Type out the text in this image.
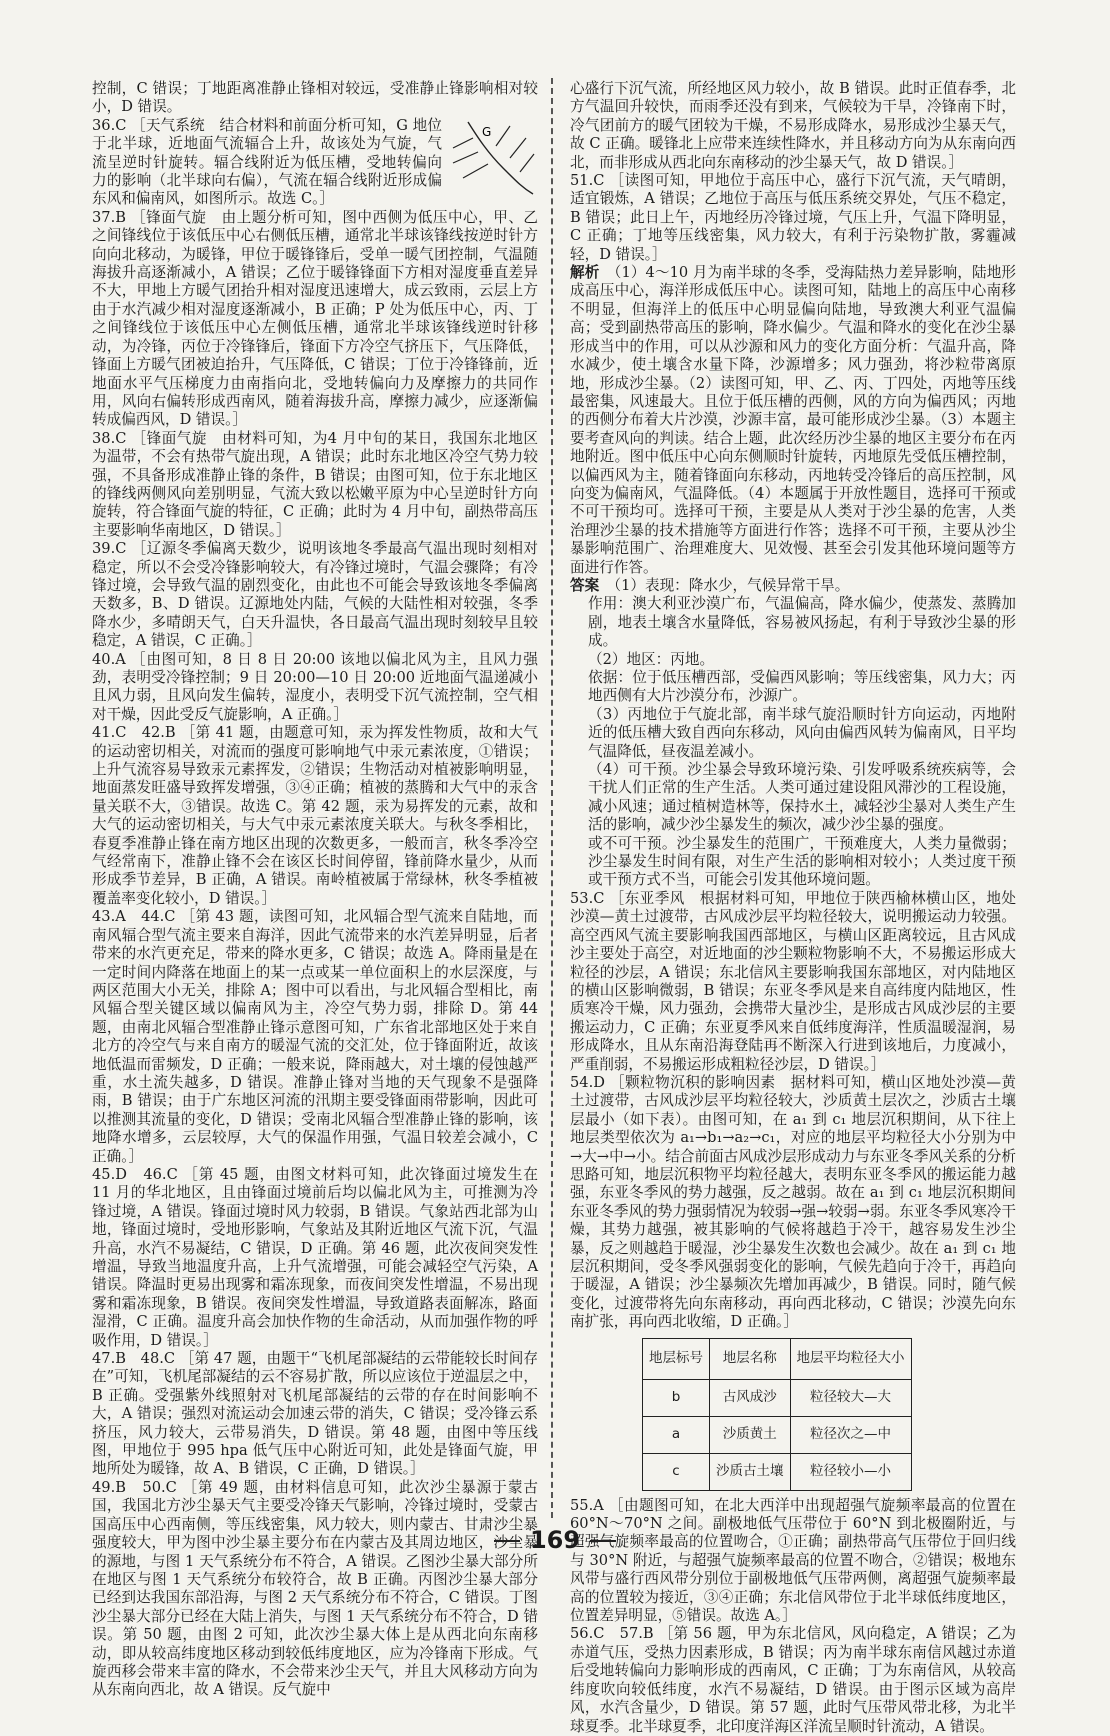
控制，C 错误；丁地距离准静止锋相对较远，受准静止锋影响相对较小，D 错误。

36.C ［天气系统　结合材料和前面分析可知，G 地位于北半球，近地面气流辐合上升，故该处为气旋，气流呈逆时针旋转。辐合线附近为低压槽，受地转偏向力的影响（北半球向右偏），气流在辐合线附近形成偏东风和偏南风，如图所示。故选 C。］

37.B ［锋面气旋　由上题分析可知，图中西侧为低压中心，甲、乙之间锋线位于该低压中心右侧低压槽，通常北半球该锋线按逆时针方向向北移动，为暖锋，甲位于暖锋锋后，受单一暖气团控制，气温随海拔升高逐渐减小，A 错误；乙位于暖锋锋面下方相对湿度垂直差异不大，甲地上方暖气团抬升相对湿度迅速增大，成云致雨，云层上方由于水汽减少相对湿度逐渐减小，B 正确；P 处为低压中心，丙、丁之间锋线位于该低压中心左侧低压槽，通常北半球该锋线逆时针移动，为冷锋，丙位于冷锋锋后，锋面下方冷空气挤压下，气压降低，锋面上方暖气团被迫抬升，气压降低，C 错误；丁位于冷锋锋前，近地面水平气压梯度力由南指向北，受地转偏向力及摩擦力的共同作用，风向右偏转形成西南风，随着海拔升高，摩擦力减少，应逐渐偏转成偏西风，D 错误。］

38.C ［锋面气旋　由材料可知，为4 月中旬的某日，我国东北地区为温带，不会有热带气旋出现，A 错误；此时东北地区冷空气势力较强，不具备形成准静止锋的条件，B 错误；由图可知，位于东北地区的锋线两侧风向差别明显，气流大致以松嫩平原为中心呈逆时针方向旋转，符合锋面气旋的特征，C 正确；此时为 4 月中旬，副热带高压主要影响华南地区，D 错误。］

39.C ［辽源冬季偏离天数少，说明该地冬季最高气温出现时刻相对稳定，所以不会受冷锋影响较大，有冷锋过境时，气温会骤降；有冷锋过境，会导致气温的剧烈变化，由此也不可能会导致该地冬季偏离天数多，B、D 错误。辽源地处内陆，气候的大陆性相对较强，冬季降水少，多晴朗天气，白天升温快，各日最高气温出现时刻较早且较稳定，A 错误，C 正确。］

40.A ［由图可知，8 日 8 日 20:00 该地以偏北风为主，且风力强劲，表明受冷锋控制；9 日 20:00—10 日 20:00 近地面气温递减小且风力弱，且风向发生偏转，湿度小，表明受下沉气流控制，空气相对干燥，因此受反气旋影响，A 正确。］

41.C　42.B ［第 41 题，由题意可知，汞为挥发性物质，故和大气的运动密切相关，对流而的强度可影响地气中汞元素浓度，①错误；上升气流容易导致汞元素挥发，②错误；生物活动对植被影响明显，地面蒸发旺盛导致挥发增强，③④正确；植被的蒸腾和大气中的汞含量关联不大，③错误。故选 C。第 42 题，汞为易挥发的元素，故和大气的运动密切相关，与大气中汞元素浓度关联大。与秋冬季相比，春夏季准静止锋在南方地区出现的次数更多，一般而言，秋冬季冷空气经常南下，准静止锋不会在该区长时间停留，锋前降水量少，从而形成季节差异，B 正确，A 错误。南岭植被属于常绿林，秋冬季植被覆盖率变化较小，D 错误。］

43.A　44.C ［第 43 题，读图可知，北风辐合型气流来自陆地，而南风辐合型气流主要来自海洋，因此气流带来的水汽差异明显，后者带来的水汽更充足，带来的降水更多，C 错误；故选 A。降雨量是在一定时间内降落在地面上的某一点或某一单位面积上的水层深度，与两区范围大小无关，排除 A；图中可以看出，与北风辐合型相比，南风辐合型关键区域以偏南风为主，冷空气势力弱，排除 D。第 44 题，由南北风辐合型准静止锋示意图可知，广东省北部地区处于来自北方的冷空气与来自南方的暖湿气流的交汇处，位于锋面附近，故该地低温而雷频发，D 正确；一般来说，降雨越大，对土壤的侵蚀越严重，水土流失越多，D 错误。准静止锋对当地的天气现象不是强降雨，B 错误；由于广东地区河流的汛期主要受锋面雨带影响，因此可以推测其流量的变化，D 错误；受南北风辐合型准静止锋的影响，该地降水增多，云层较厚，大气的保温作用强，气温日较差会减小，C 正确。］

45.D　46.C ［第 45 题，由图文材料可知，此次锋面过境发生在 11 月的华北地区，且由锋面过境前后均以偏北风为主，可推测为冷锋过境，A 错误。锋面过境时风力较弱，B 错误。气象站西北部为山地，锋面过境时，受地形影响，气象站及其附近地区气流下沉，气温升高，水汽不易凝结，C 错误，D 正确。第 46 题，此次夜间突发性增温，导致当地温度升高，上升气流增强，可能会减轻空气污染，A 错误。降温时更易出现雾和霜冻现象，而夜间突发性增温，不易出现雾和霜冻现象，B 错误。夜间突发性增温，导致道路表面解冻，路面湿滑，C 正确。温度升高会加快作物的生命活动，从而加强作物的呼吸作用，D 错误。］

47.B　48.C ［第 47 题，由题干“飞机尾部凝结的云带能较长时间存在”可知，飞机尾部凝结的云不容易扩散，所以应该位于逆温层之中，B 正确。受强紫外线照射对飞机尾部凝结的云带的存在时间影响不大，A 错误；强烈对流运动会加速云带的消失，C 错误；受冷锋云系挤压，风力较大，云带易消失，D 错误。第 48 题，由图中等压线图，甲地位于 995 hpa 低气压中心附近可知，此处是锋面气旋，甲地所处为暖锋，故 A、B 错误，C 正确，D 错误。］

49.B　50.C ［第 49 题，由材料信息可知，此次沙尘暴源于蒙古国，我国北方沙尘暴天气主要受冷锋天气影响，冷锋过境时，受蒙古国高压中心西南侧，等压线密集，风力较大，则内蒙古、甘肃沙尘暴强度较大，甲为图中沙尘暴主要分布在内蒙古及其周边地区，沙尘暴的源地，与图 1 天气系统分布不符合，A 错误。乙图沙尘暴大部分所在地区与图 1 天气系统分布较符合，故 B 正确。丙图沙尘暴大部分已经到达我国东部沿海，与图 2 天气系统分布不符合，C 错误。丁图沙尘暴大部分已经在大陆上消失，与图 1 天气系统分布不符合，D 错误。第 50 题，由图 2 可知，此次沙尘暴大体上是从西北向东南移动，即从较高纬度地区移动到较低纬度地区，应为冷锋南下形成。气旋西移会带来丰富的降水，不会带来沙尘天气，并且大风移动方向为从东南向西北，故 A 错误。反气旋中

G

心盛行下沉气流，所经地区风力较小，故 B 错误。此时正值春季，北方气温回升较快，而雨季还没有到来，气候较为干旱，冷锋南下时，冷气团前方的暖气团较为干燥，不易形成降水，易形成沙尘暴天气，故 C 正确。暖锋北上应带来连续性降水，并且移动方向为从东南向西北，而非形成从西北向东南移动的沙尘暴天气，故 D 错误。］

51.C ［读图可知，甲地位于高压中心，盛行下沉气流，天气晴朗，适宜锻炼，A 错误；乙地位于高压与低压系统交界处，气压不稳定，B 错误；此日上午，丙地经历冷锋过境，气压上升，气温下降明显，C 正确；丁地等压线密集，风力较大，有利于污染物扩散，雾霾减轻，D 错误。］

解析　 （1）4～10 月为南半球的冬季，受海陆热力差异影响，陆地形成高压中心，海洋形成低压中心。读图可知，陆地上的高压中心南移不明显，但海洋上的低压中心明显偏向陆地，导致澳大利亚气温偏高；受到副热带高压的影响，降水偏少。气温和降水的变化在沙尘暴形成当中的作用，可以从沙源和风力的变化方面分析：气温升高，降水减少，使土壤含水量下降，沙源增多；风力强劲，将沙粒带离原地，形成沙尘暴。（2）读图可知，甲、乙、丙、丁四处，丙地等压线最密集，风速最大。且位于低压槽的西侧，风的方向为偏西风；丙地的西侧分布着大片沙漠，沙源丰富，最可能形成沙尘暴。（3）本题主要考查风向的判读。结合上题，此次经历沙尘暴的地区主要分布在丙地附近。图中低压中心向东侧顺时针旋转，丙地原先受低压槽控制，以偏西风为主，随着锋面向东移动，丙地转受冷锋后的高压控制，风向变为偏南风，气温降低。（4）本题属于开放性题目，选择可干预或不可干预均可。选择可干预，主要是从人类对于沙尘暴的危害，人类治理沙尘暴的技术措施等方面进行作答；选择不可干预，主要从沙尘暴影响范围广、治理难度大、见效慢、甚至会引发其他环境问题等方面进行作答。

答案　 （1）表现：降水少，气候异常干旱。

作用：澳大利亚沙漠广布，气温偏高，降水偏少，使蒸发、蒸腾加剧，地表土壤含水量降低，容易被风扬起，有利于导致沙尘暴的形成。

（2）地区：丙地。

依据：位于低压槽西部，受偏西风影响；等压线密集，风力大；丙地西侧有大片沙漠分布，沙源广。

（3）丙地位于气旋北部，南半球气旋沿顺时针方向运动，丙地附近的低压槽大致自西向东移动，风向由偏西风转为偏南风，日平均气温降低，昼夜温差减小。

（4）可干预。沙尘暴会导致环境污染、引发呼吸系统疾病等，会干扰人们正常的生产生活。人类可通过建设阻风滞沙的工程设施，减小风速；通过植树造林等，保持水土，减轻沙尘暴对人类生产生活的影响，减少沙尘暴发生的频次，减少沙尘暴的强度。

或不可干预。沙尘暴发生的范围广，干预难度大，人类力量微弱；沙尘暴发生时间有限，对生产生活的影响相对较小；人类过度干预或干预方式不当，可能会引发其他环境问题。

53.C ［东亚季风　根据材料可知，甲地位于陕西榆林横山区，地处沙漠—黄土过渡带，古风成沙层平均粒径较大，说明搬运动力较强。高空西风气流主要影响我国西部地区，与横山区距离较远，且古风成沙主要处于高空，对近地面的沙尘颗粒物影响不大，不易搬运形成大粒径的沙层，A 错误；东北信风主要影响我国东部地区，对内陆地区的横山区影响微弱，B 错误；东亚冬季风是来自高纬度内陆地区，性质寒冷干燥，风力强劲，会携带大量沙尘，是形成古风成沙层的主要搬运动力，C 正确；东亚夏季风来自低纬度海洋，性质温暖湿润，易形成降水，且从东南沿海登陆再不断深入行进到该地后，力度减小，严重削弱，不易搬运形成粗粒径沙层，D 错误。］

54.D ［颗粒物沉积的影响因素　据材料可知，横山区地处沙漠—黄土过渡带，古风成沙层平均粒径较大，沙质黄土层次之，沙质古土壤层最小（如下表）。由图可知，在 a₁ 到 c₁ 地层沉积期间，从下往上地层类型依次为 a₁→b₁→a₂→c₁，对应的地层平均粒径大小分别为中→大→中→小。结合前面古风成沙层形成动力与东亚冬季风关系的分析思路可知，地层沉积物平均粒径越大，表明东亚冬季风的搬运能力越强，东亚冬季风的势力越强，反之越弱。故在 a₁ 到 c₁ 地层沉积期间东亚冬季风的势力强弱情况为较弱→强→较弱→弱。东亚冬季风寒冷干燥，其势力越强，被其影响的气候将越趋于冷干，越容易发生沙尘暴，反之则越趋于暖湿，沙尘暴发生次数也会减少。故在 a₁ 到 c₁ 地层沉积期间，受冬季风强弱变化的影响，气候先趋向于冷干，再趋向于暖湿，A 错误；沙尘暴频次先增加再减少，B 错误。同时，随气候变化，过渡带将先向东南移动，再向西北移动，C 错误；沙漠先向东南扩张，再向西北收缩，D 正确。］

地层标号	地层名称	地层平均粒径大小
b	古风成沙	粒径较大—大
a	沙质黄土	粒径次之—中
c	沙质古土壤	粒径较小—小

55.A ［由题图可知，在北大西洋中出现超强气旋频率最高的位置在 60°N～70°N 之间。副极地低气压带位于 60°N 到北极圈附近，与超强气旋频率最高的位置吻合，①正确；副热带高气压带位于回归线与 30°N 附近，与超强气旋频率最高的位置不吻合，②错误；极地东风带与盛行西风带分别位于副极地低气压带两侧，离超强气旋频率最高的位置较为接近，③④正确；东北信风带位于北半球低纬度地区，位置差异明显，⑤错误。故选 A。］

56.C　57.B ［第 56 题，甲为东北信风，风向稳定，A 错误；乙为赤道气压，受热力因素形成，B 错误；丙为南半球东南信风越过赤道后受地转偏向力影响形成的西南风，C 正确；丁为东南信风，从较高纬度吹向较低纬度，水汽不易凝结，D 错误。由于图示区域为高岸风，水汽含量少，D 错误。第 57 题，此时气压带风带北移，为北半球夏季。北半球夏季，北印度洋海区洋流呈顺时针流动，A 错误。

169
